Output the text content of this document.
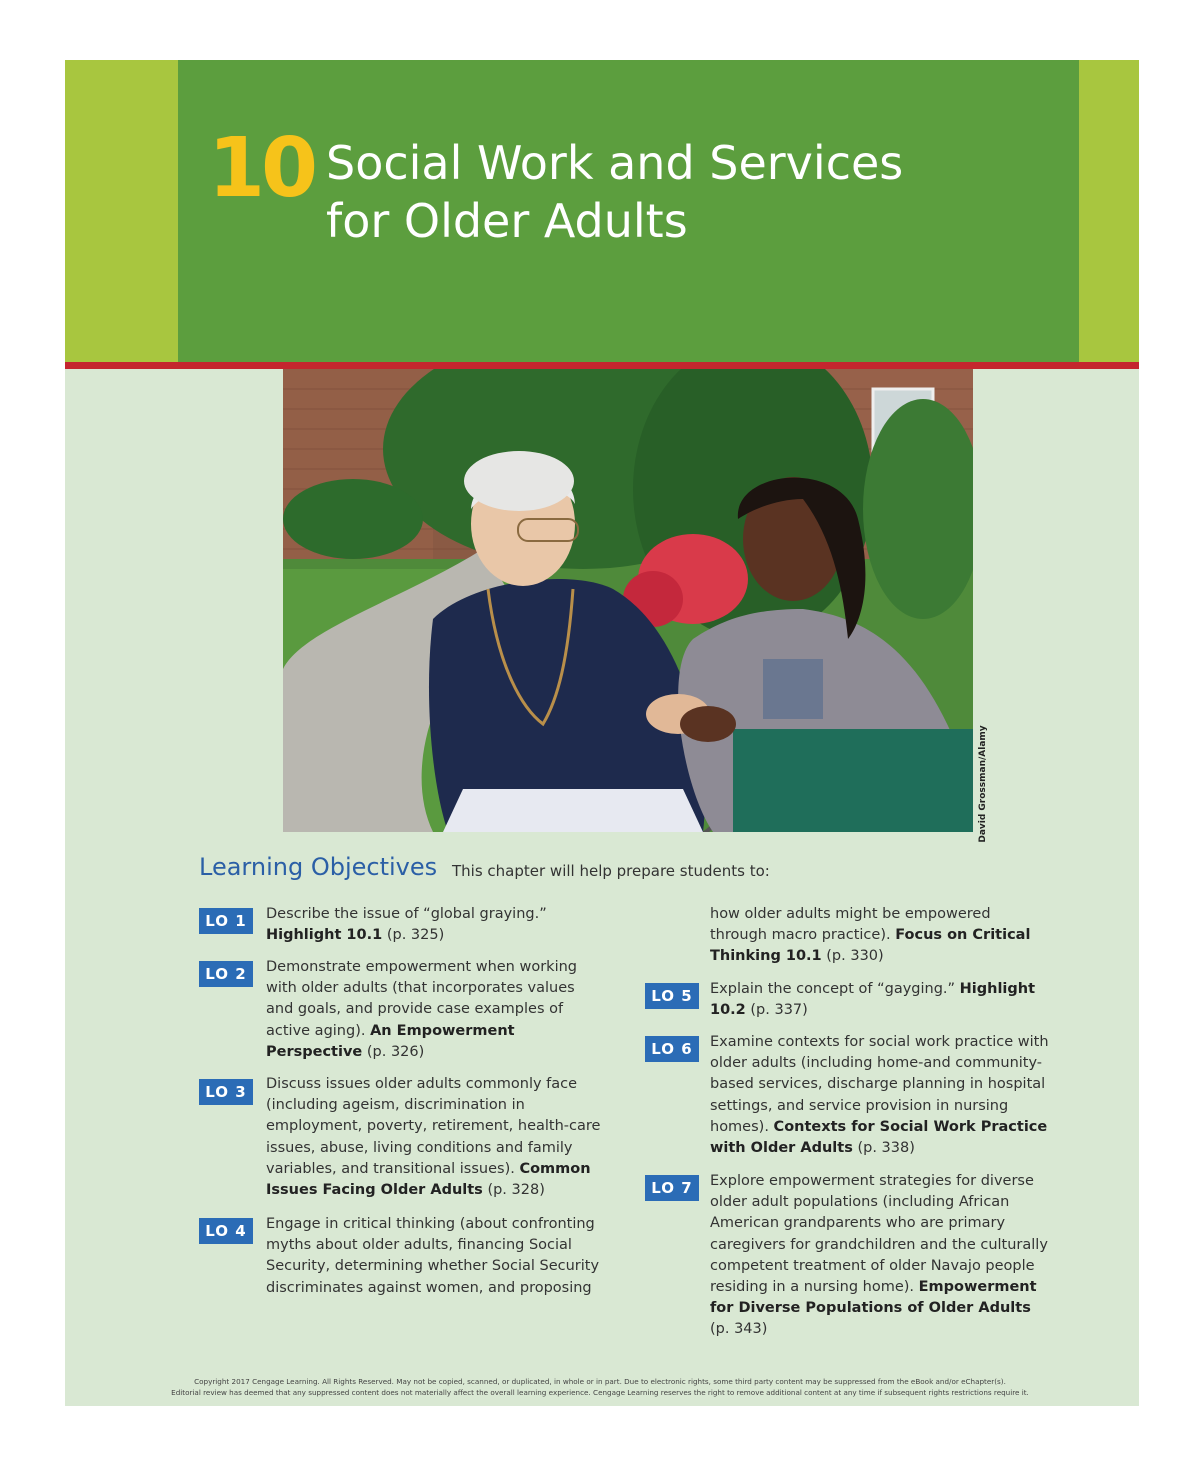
10 Social Work and Services
for Older Adults
David Grossman/Alamy
Learning Objectives This chapter will help prepare students to:
LO 1	Describe the issue of “global graying.” Highlight 10.1 (p. 325)
LO 2	Demonstrate empowerment when working with older adults (that incorporates values and goals, and provide case examples of active aging). An Empowerment Perspective (p. 326)
LO 3	Discuss issues older adults commonly face (including ageism, discrimination in employment, poverty, retirement, health-care issues, abuse, living conditions and family variables, and transitional issues). Common Issues Facing Older Adults (p. 328)
LO 4	Engage in critical thinking (about confronting myths about older adults, financing Social Security, determining whether Social Security discriminates against women, and proposing
how older adults might be empowered through macro practice). Focus on Critical Thinking 10.1 (p. 330)
LO 5	Explain the concept of “gayging.” Highlight 10.2 (p. 337)
LO 6	Examine contexts for social work practice with older adults (including home-and community-based services, discharge planning in hospital settings, and service provision in nursing homes). Contexts for Social Work Practice with Older Adults (p. 338)
LO 7	Explore empowerment strategies for diverse older adult populations (including African American grandparents who are primary caregivers for grandchildren and the culturally competent treatment of older Navajo people residing in a nursing home). Empowerment for Diverse Populations of Older Adults (p. 343)
Copyright 2017 Cengage Learning. All Rights Reserved. May not be copied, scanned, or duplicated, in whole or in part. Due to electronic rights, some third party content may be suppressed from the eBook and/or eChapter(s).
Editorial review has deemed that any suppressed content does not materially affect the overall learning experience. Cengage Learning reserves the right to remove additional content at any time if subsequent rights restrictions require it.
